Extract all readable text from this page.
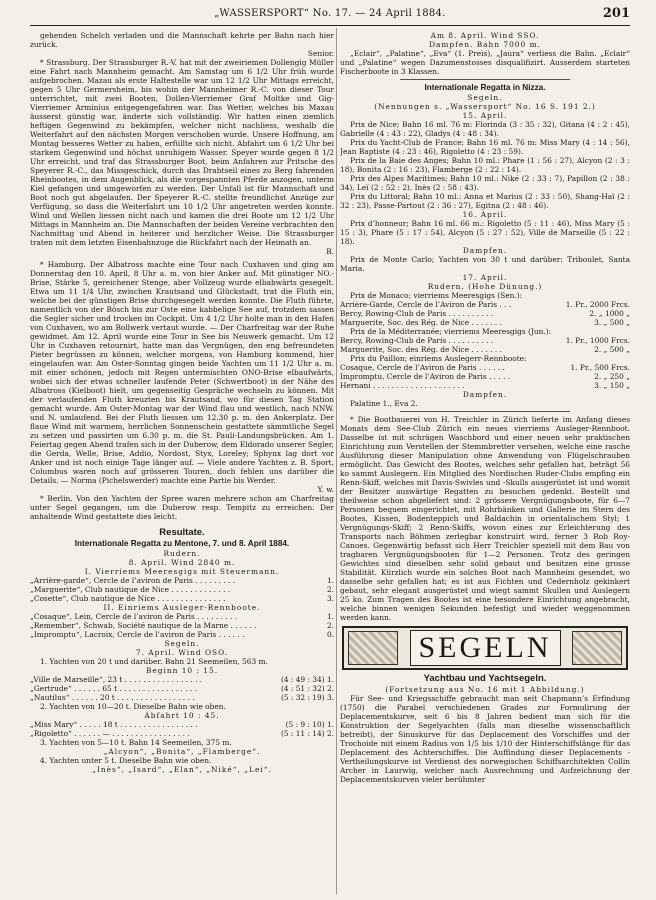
„WASSERSPORT“ No. 17. — 24 April 1884.	201

gehenden Schelch verladen und die Mannschaft kehrte per Bahn nach hier zurück.

Senior.

* Strassburg. Der Strassburger R.-V. hat mit der zweiriemen Dollengig Müller eine Fahrt nach Mannheim gemacht. Am Samstag um 6 1/2 Uhr früh wurde aufgebrochen. Mazau als erste Haltestelle war um 12 1/2 Uhr Mittags erreicht, gegen 5 Uhr Germersheim, bis wohin der Mannheimer R.-C. von dieser Tour unterrichtet, mit zwei Booten, Dollen-Vierriemer Graf Moltke und Gig-Vierriemer Arminius entgegengefahren war. Das Wetter, welches bis Maxau äusserst günstig war, änderte sich vollständig. Wir hatten einen ziemlich heftigen Gegenwind zu bekämpfen, welcher nicht nachliess, weshalb die Weiterfahrt auf den nächsten Morgen verschoben wurde. Unsere Hoffnung, am Montag besseres Wetter zu haben, erfüllte sich nicht. Abfahrt um 6 1/2 Uhr bei starkem Gegenwind und höchst unruhigem Wasser. Speyer wurde gegen 8 1/2 Uhr erreicht, und traf das Strassburger Boot, beim Anfahren zur Pritsche des Speyerer R.-C., das Missgeschick, durch das Drahtseil eines zu Berg fahrenden Rheinbootes, in dem Augenblick, als die vorgespannten Pferde anzogen, unterm Kiel gefangen und umgeworfen zu werden. Der Unfall ist für Mannschaft und Boot noch gut abgelaufen. Der Speyerer R.-C. stellte freundlichst Anzüge zur Verfügung, so dass die Weiterfahrt um 10 1/2 Uhr angetreten werden konnte. Wind und Wellen liessen nicht nach und kamen die drei Boote um 12 1/2 Uhr Mittags in Mannheim an. Die Mannschaften der beiden Vereine verbrachten den Nachmittag und Abend in heiterer und herzlicher Weise. Die Strassburger traten mit dem letzten Eisenbahnzuge die Rückfahrt nach der Heimath an.

B.

* Hamburg. Der Albatross machte eine Tour nach Cuxhaven und ging am Donnerstag den 10. April, 8 Uhr a. m. von hier Anker auf. Mit günstiger NO.-Brise, Stärke 5, gereichener Stenge, aber Vollzeug wurde elbabwärts gesegelt. Etwa um 11 1/4 Uhr, zwischen Krautsand und Glückstadt, trat die Fluth ein, welche bei der günstigen Brise durchgesegelt werden konnte. Die Fluth führte, namentlich von der Bösch bis zur Oste eine kabbelige See auf, trotzdem sassen die Segler sicher und trocken im Cockpit. Um 4 1/2 Uhr holte man in den Hafen von Cuxhaven, wo am Bollwerk vertaut wurde. — Der Charfreitag war der Ruhe gewidmet. Am 12. April wurde eine Tour in See bis Neuwerk gemacht. Um 12 Uhr in Cuxhaven retournirt, hatte man das Vergnügen, den eng befreundeten Pieter begrüssen zu können, welcher morgens, von Hamburg kommend, hier eingelaufen war. Am Oster-Sonntag gingen beide Yachten um 11 1/2 Uhr a. m. mit einer schönen, jedoch mit Regen untermischten ONO-Brise elbaufwärts, wobei sich der etwas schneller laufende Peter (Schwertboot) in der Nähe des Albatross (Kielboot) hielt, um gegenseitig Gespräche wechseln zu können. Mit der verlaufenden Fluth kreuzten bis Krautsand, wo für diesen Tag Station gemacht wurde. Am Oster-Montag war der Wind flau und westlich, nach NNW. und N. umlaufend. Bei der Fluth liessen um 12.30 p. m. den Ankerplatz. Der flaue Wind mit warmem, herrlichen Sonnenschein gestattete sämmtliche Segel zu setzen und passirten um 6.30 p. m. die St. Pauli-Landungsbrücken. Am 1. Feiertag gegen Abend trafen sich in der Duberow, dem Eldorado unserer Segler, die Gerda, Welle, Brise, Addio, Nordost, Styx, Loreley; Sphynx lag dort vor Anker und ist noch einige Tage länger auf. — Viele andere Yachten z. B. Sport, Columbus waren noch auf grösseren Touren, doch fehlen uns darüber die Details. — Norma (Pichelswerder) machte eine Partie bis Werder.

Y. w.

* Berlin. Von den Yachten der Spree waren mehrere schon am Charfreitag unter Segel gegangen, um die Duberow resp. Tempitz zu erreichen. Der anhaltende Wind gestattete dies leicht.

Resultate.

Internationale Regatta zu Mentone, 7. und 8. April 1884.

Rudern.

8. April. Wind 2840 m.

I. Vierriems Meeresgigs mit Steuermann.

„Arrière-garde“, Cercle de l’aviron de Paris . . . . . . . . .	1.
„Marguerite“, Club nautique de Nice . . . . . . . . . . . . .	2.
„Cosette“, Club nautique de Nice . . . . . . . . . . . . . . .	3.

II. Einriems Ausleger-Rennboote.

„Cosaque“, Lein, Cercle de l’aviron de Paris . . . . . . . . .	1.
„Remember“, Schwab, Société nautique de la Marne . . . . . .	2.
„Impromptu“, Lacroix, Cercle de l’aviron de Paris . . . . . .	0.

Segeln.

7. April. Wind OSO.

1. Yachten von 20 t und darüber. Bahn 21 Seemeilen, 563 m.

Beginn 10 : 15.

„Ville de Marseille“, 23 t . . . . . . . . . . . . . . . . .	(4 : 49 : 34) 1.
„Gertrude“ . . . . . . 65 t . . . . . . . . . . . . . . . . .	(4 : 51 : 32) 2.
„Nautilus“ . . . . . . 20 t . . . . . . . . . . . . . . . . .	(5 : 32 : 19) 3.

2. Yachten von 10—20 t. Dieselbe Bahn wie oben.

Abfahrt 10 : 45.

„Miss Mary“ . . . . . 18 t . . . . . . . . . . . . . . . . .	(5 : 9 : 10) 1.
„Rigoletto“ . . . . . . — . . . . . . . . . . . . . . . . .	(5 : 11 : 14) 2.

3. Yachten von 5—10 t. Bahn 14 Seemeilen, 375 m.

„Alcyon“, „Bonita“, „Flamberge“.

4. Yachten unter 5 t. Dieselbe Bahn wie oben.

„Inès“, „Isard“, „Elan“, „Niké“, „Lei“.

Am 8. April. Wind SSO.

Dampfen. Bahn 7000 m.

„Eclair“, „Palatine“, „Eva“ (1. Preis), „Jaura“ verliess die Bahn. „Eclair“ und „Palatine“ wegen Dazumenstosses disqualifizirt. Ausserdem starteten Fischerboote in 3 Klassen.

Internationale Regatta in Nizza.

Segeln.

(Nennungen s. „Wassersport“ No. 16 S. 191 2.)

15. April.

Prix de Nice; Bahn 16 ml. 76 m: Florinda (3 : 35 : 32), Gitana (4 : 2 : 45), Gabrielle (4 : 43 : 22), Gladys (4 : 48 : 34).

Prix du Yacht-Club de France; Bahn 16 ml. 76 m: Miss Mary (4 : 14 : 56), Jean Baptiste (4 : 23 : 46), Rigoletto (4 : 23 : 59).

Prix de la Baie des Anges; Bahn 10 ml.: Phare (1 : 56 : 27), Alcyon (2 : 3 : 18), Bonita (2 : 16 : 23), Flamberge (2 : 22 : 14).

Prix des Alpes Maritimes; Bahn 10 ml.: Niké (2 : 33 : 7), Papillon (2 : 38 : 34), Leï (2 : 52 : 2), Inès (2 : 58 : 43).

Prix du Littoral; Bahn 10 ml.: Anna et Marius (2 : 33 : 50), Shang-Haï (2 : 32 : 23), Passe-Partout (2 : 36 : 27), Egitna (2 : 48 : 46).

16. April.

Prix d’honneur; Bahn 16 ml. 66 m.: Rigoletto (5 : 11 : 46), Miss Mary (5 : 15 : 3), Phare (5 : 17 : 54), Alcyon (5 : 27 : 52), Ville de Marseille (5 : 22 : 18).

Dampfen.

Prix de Monte Carlo; Yachten von 30 t und darüber: Triboulet, Santa Maria.

17. April.

Rudern. (Hohe Dünung.)

Prix de Monaco; vierriems Meeresgigs (Sen.):

Arrière-Garde, Cercle de l’Aviron de Paris . . .	1. Pr., 2000 Frcs.
Bercy, Rowing-Club de Paris . . . . . . . . . .	2. „ 1000 „
Marguerite, Soc. des Rég. de Nice . . . . . . .	3. „ 500 „

Prix de la Méditerranée; vierriems Meeresgigs (Jun.):

Bercy, Rowing-Club de Paris . . . . . . . . . .	1. Pr., 1000 Frcs.
Marguerite, Soc. des Rég. de Nice . . . . . . .	2. „ 500 „

Prix du Paillon; einriems Auslegerr-Rennboote:

Cosaque, Cercle de l’Aviron de Paris . . . . . .	1. Pr., 500 Frcs.
Impromptu, Cercle de l’Aviron de Paris . . . . .	2. „ 250 „
Hernani . . . . . . . . . . . . . . . . . . . .	3. „ 150 „

Dampfen.

Palatine 1., Eva 2.

* Die Bootbauerei von H. Treichler in Zürich lieferte im Anfang dieses Monats dem See-Club Zürich ein neues vierriems Ausleger-Rennboot. Dasselbe ist mit schrägen Waschbord und einer neuen sehr praktischen Einrichtung zum Verstellen der Stemmbretter versehen, welche eine rasche Ausführung dieser Manipulation ohne Anwendung von Flügelschrauben ermöglicht. Das Gewicht des Bootes, welches sehr gefallen hat, beträgt 56 ko sammt Auslegern. Ein Mitglied des Nordischen Ruder-Clubs empfing ein Renn-Skiff, welches mit Davis-Swivles und -Skulls ausgerüstet ist und womit der Besitzer auswärtige Regatten zu besuchen gedenkt. Bestellt und theilweise schon abgeliefert sind: 2 grössere Vergnügungsboote, für 6—7 Personen bequem eingerichtet, mit Rohrbänken und Gallerie im Stern des Bootes, Kissen, Bodenteppich und Baldachin in orientalischem Styl; 1 Vergnügungs-Skiff; 2 Renn-Skiffs, wovon eines zur Erleichterung des Transports nach Böhmen zerlegbar konstruirt wird, ferner 3 Rob Roy-Canoes. Gegenwärtig befasst sich Herr Treichler speziell mit dem Bau von tragbaren Vergnügungsbooten für 1—2 Personen. Trotz des geringen Gewichtes sind dieselben sehr solid gebaut und besitzen eine grosse Stabilität. Kürzlich wurde ein solches Boot nach Mannheim gesendet, wo dasselbe sehr gefallen hat; es ist aus Fichten und Cedernholz gekinkert gebaut, sehr elegant ausgerüstet und wiegt sammt Skullen und Auslegern 25 ko. Zum Tragen des Bootes ist eine besondere Einrichtung angebracht, welche binnen wenigen Sekunden befestigt und wieder weggenommen werden kann.

SEGELN

Yachtbau und Yachtsegeln.

(Fortsetzung aus No. 16 mit 1 Abbildung.)

Für See- und Kriegsschiffe gebraucht man seit Chapmann’s Erfindung (1750) die Parabel verschiedenen Grades zur Formulirung der Deplacementskurve, seit 6 bis 8 Jahren bedient man sich für die Konstruktion der Segelyachten (falls man dieselbe wissenschaftlich betreibt), der Sinuskurve für das Deplacement des Vorschiffes und der Trochoide mit einem Radius von 1/5 bis 1/10 der Hinterschiffslänge für das Deplacement des Achterschiffes. Die Auffindung dieser Deplacements - Vertheilungskurve ist Verdienst des norwegischen Schiffsarchitekten Collin Archer in Laurwig, welcher nach Ausrechnung und Aufzeichnung der Deplacementskurven vieler berühmter
